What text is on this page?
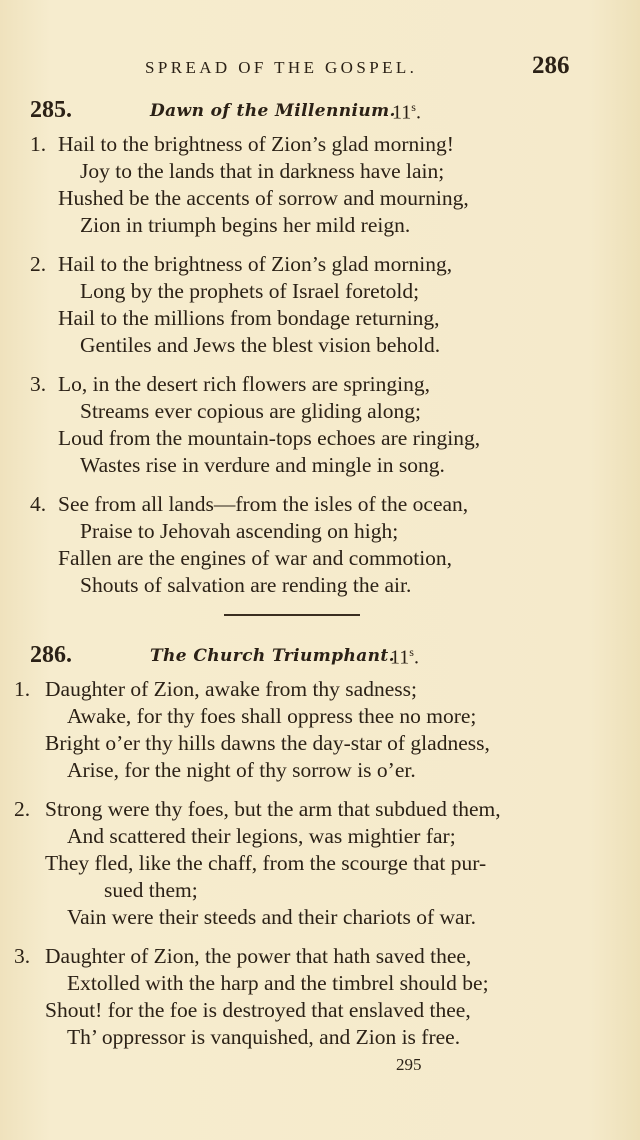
SPREAD OF THE GOSPEL.	286
285.	Dawn of the Millennium.
11$^s$.
1. Hail to the brightness of Zion’s glad morning!
Joy to the lands that in darkness have lain;
Hushed be the accents of sorrow and mourning,
Zion in triumph begins her mild reign.
2. Hail to the brightness of Zion’s glad morning,
Long by the prophets of Israel foretold;
Hail to the millions from bondage returning,
Gentiles and Jews the blest vision behold.
3. Lo, in the desert rich flowers are springing,
Streams ever copious are gliding along;
Loud from the mountain-tops echoes are ringing,
Wastes rise in verdure and mingle in song.
4. See from all lands—from the isles of the ocean,
Praise to Jehovah ascending on high;
Fallen are the engines of war and commotion,
Shouts of salvation are rending the air.
286.	The Church Triumphant.
11$^s$.
1. Daughter of Zion, awake from thy sadness;
Awake, for thy foes shall oppress thee no more;
Bright o’er thy hills dawns the day-star of gladness,
Arise, for the night of thy sorrow is o’er.
2. Strong were thy foes, but the arm that subdued them,
And scattered their legions, was mightier far;
They fled, like the chaff, from the scourge that pur-
sued them;
Vain were their steeds and their chariots of war.
3. Daughter of Zion, the power that hath saved thee,
Extolled with the harp and the timbrel should be;
Shout! for the foe is destroyed that enslaved thee,
Th’ oppressor is vanquished, and Zion is free.
295
